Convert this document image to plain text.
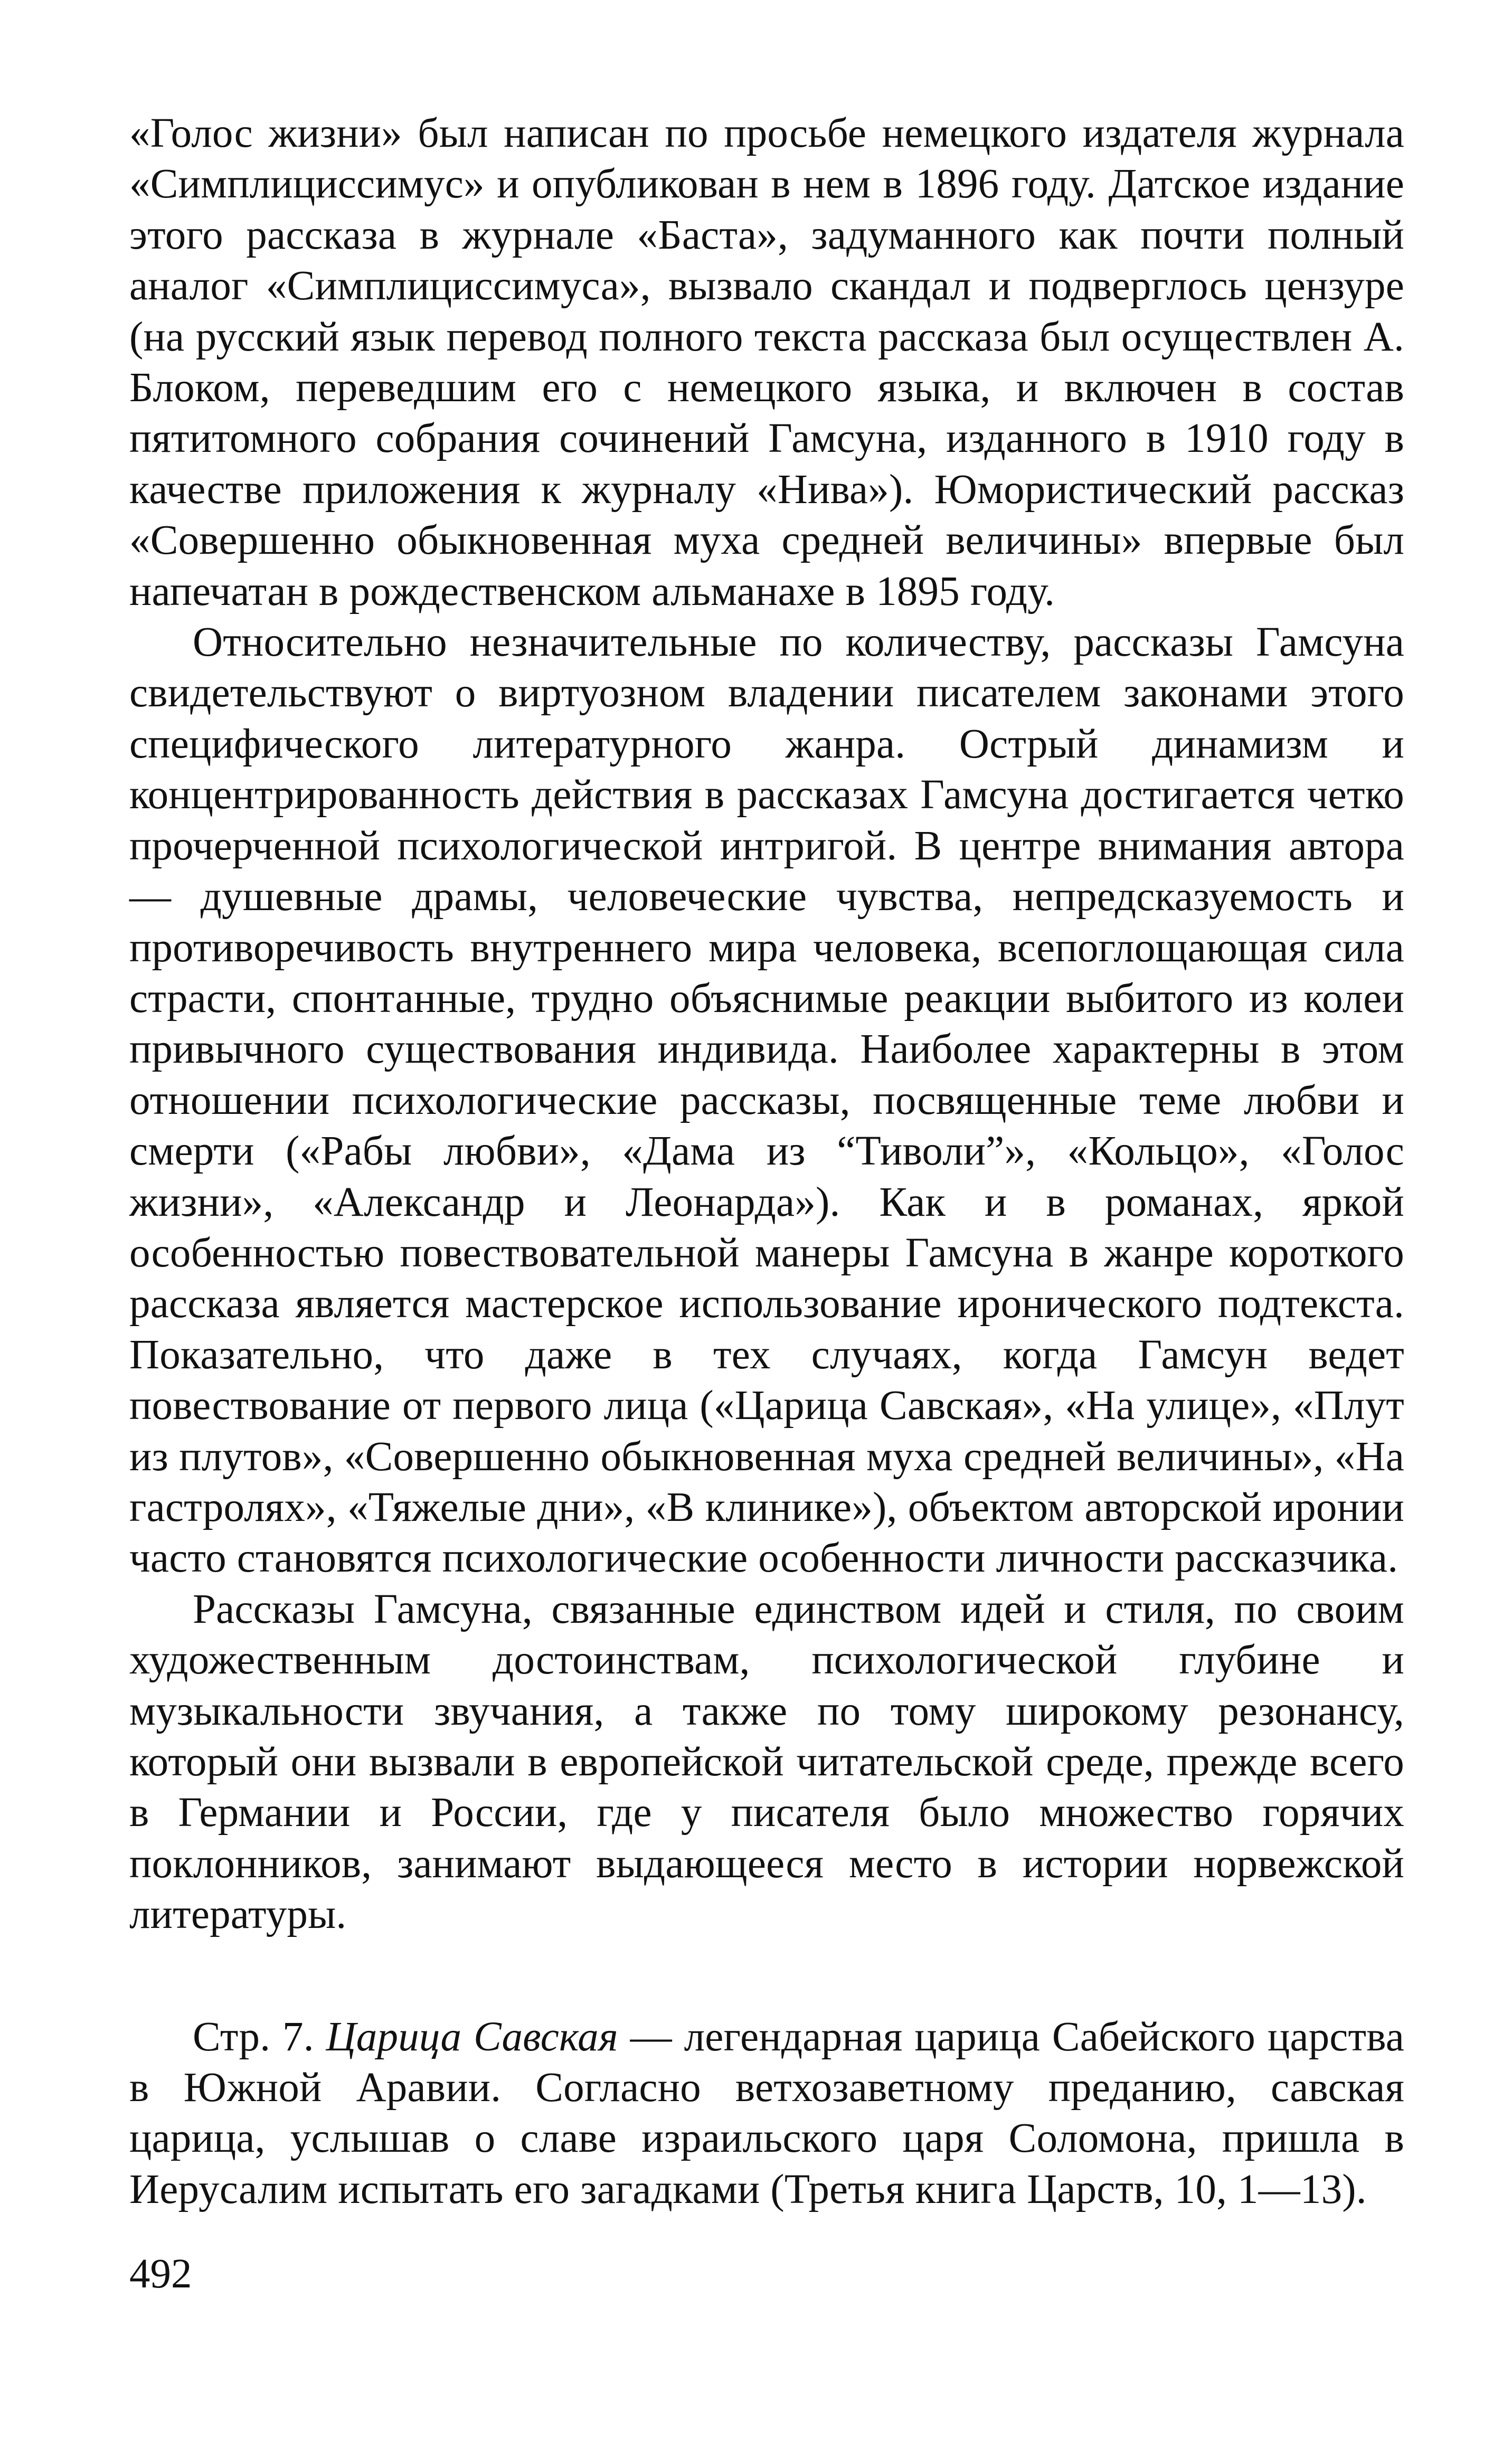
«Голос жизни» был написан по просьбе немецкого издателя журнала «Симплициссимус» и опубликован в нем в 1896 году. Датское издание этого рассказа в журнале «Баста», задуманного как почти полный аналог «Симплициссимуса», вызвало скандал и подверглось цензуре (на русский язык перевод полного текста рассказа был осуществлен А. Блоком, переведшим его с немецкого языка, и включен в состав пятитомного собрания сочинений Гамсуна, изданного в 1910 году в качестве приложения к журналу «Нива»). Юмористический рассказ «Совершенно обыкновенная муха средней величины» впервые был напечатан в рождественском альманахе в 1895 году.

Относительно незначительные по количеству, рассказы Гамсуна свидетельствуют о виртуозном владении писателем законами этого специфического литературного жанра. Острый динамизм и концентрированность действия в рассказах Гамсуна достигается четко прочерченной психологической интригой. В центре внимания автора — душевные драмы, человеческие чувства, непредсказуемость и противоречивость внутреннего мира человека, всепоглощающая сила страсти, спонтанные, трудно объяснимые реакции выбитого из колеи привычного существования индивида. Наиболее характерны в этом отношении психологические рассказы, посвященные теме любви и смерти («Рабы любви», «Дама из “Тиволи”», «Кольцо», «Голос жизни», «Александр и Леонарда»). Как и в романах, яркой особенностью повествовательной манеры Гамсуна в жанре короткого рассказа является мастерское использование иронического подтекста. Показательно, что даже в тех случаях, когда Гамсун ведет повествование от первого лица («Царица Савская», «На улице», «Плут из плутов», «Совершенно обыкновенная муха средней величины», «На гастролях», «Тяжелые дни», «В клинике»), объектом авторской иронии часто становятся психологические особенности личности рассказчика.

Рассказы Гамсуна, связанные единством идей и стиля, по своим художественным достоинствам, психологической глубине и музыкальности звучания, а также по тому широкому резонансу, который они вызвали в европейской читательской среде, прежде всего в Германии и России, где у писателя было множество горячих поклонников, занимают выдающееся место в истории норвежской литературы.

Стр. 7. Царица Савская — легендарная царица Сабейского царства в Южной Аравии. Согласно ветхозаветному преданию, савская царица, услышав о славе израильского царя Соломона, пришла в Иерусалим испытать его загадками (Третья книга Царств, 10, 1—13).

492
